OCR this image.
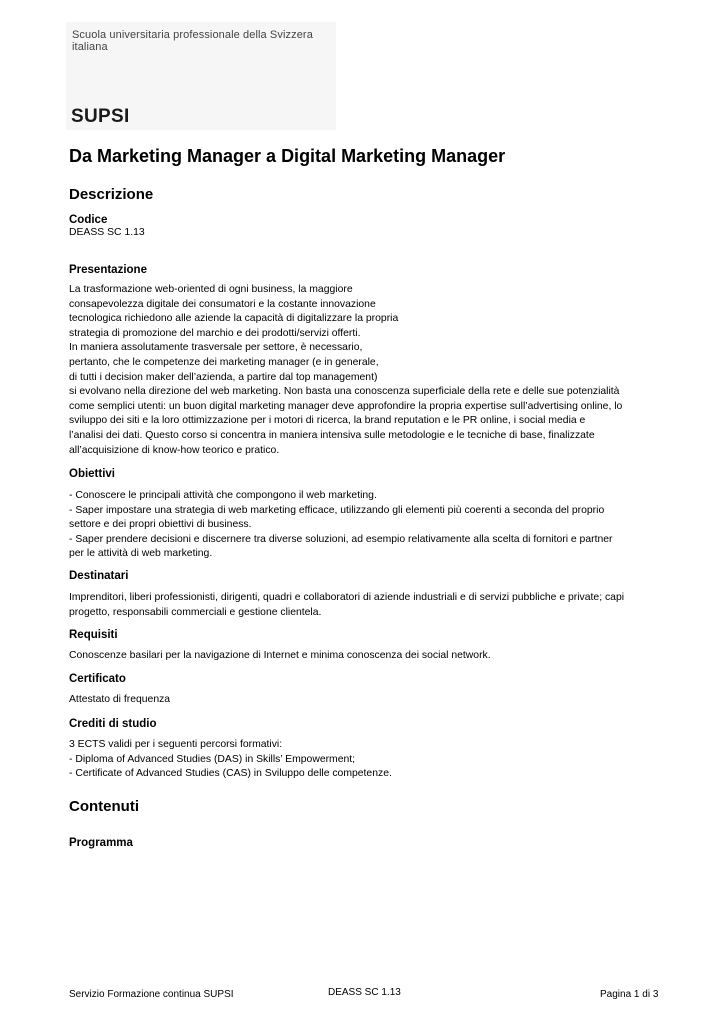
Scuola universitaria professionale della Svizzera italiana
SUPSI
Da Marketing Manager a Digital Marketing Manager
Descrizione
Codice

DEASS SC 1.13

Presentazione

La trasformazione web-oriented di ogni business, la maggiore

consapevolezza digitale dei consumatori e la costante innovazione

tecnologica richiedono alle aziende la capacità di digitalizzare la propria

strategia di promozione del marchio e dei prodotti/servizi offerti.

In maniera assolutamente trasversale per settore, è necessario,

pertanto, che le competenze dei marketing manager (e in generale,

di tutti i decision maker dell’azienda, a partire dal top management)

si evolvano nella direzione del web marketing. Non basta una conoscenza superficiale della rete e delle sue potenzialità

come semplici utenti: un buon digital marketing manager deve approfondire la propria expertise sull’advertising online, lo

sviluppo dei siti e la loro ottimizzazione per i motori di ricerca, la brand reputation e le PR online, i social media e

l’analisi dei dati. Questo corso si concentra in maniera intensiva sulle metodologie e le tecniche di base, finalizzate

all’acquisizione di know-how teorico e pratico.

Obiettivi

- Conoscere le principali attività che compongono il web marketing.

- Saper impostare una strategia di web marketing efficace, utilizzando gli elementi più coerenti a seconda del proprio

settore e dei propri obiettivi di business.

- Saper prendere decisioni e discernere tra diverse soluzioni, ad esempio relativamente alla scelta di fornitori e partner

per le attività di web marketing.

Destinatari

Imprenditori, liberi professionisti, dirigenti, quadri e collaboratori di aziende industriali e di servizi pubbliche e private; capi

progetto, responsabili commerciali e gestione clientela.

Requisiti

Conoscenze basilari per la navigazione di Internet e minima conoscenza dei social network.

Certificato

Attestato di frequenza

Crediti di studio

3 ECTS validi per i seguenti percorsi formativi:

- Diploma of Advanced Studies (DAS) in Skills’ Empowerment;

- Certificate of Advanced Studies (CAS) in Sviluppo delle competenze.

Contenuti
Programma
Servizio Formazione continua SUPSI	DEASS SC 1.13	Pagina 1 di 3
